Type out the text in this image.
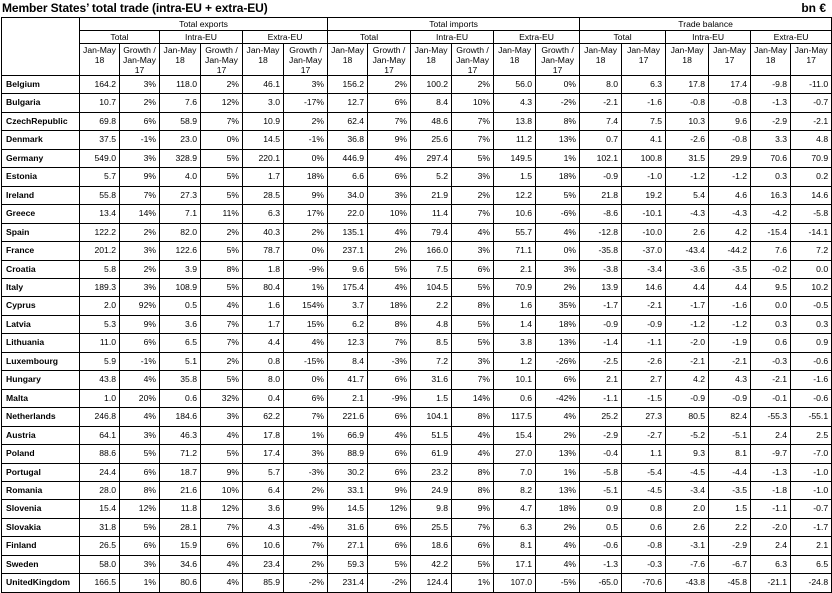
Member States’ total trade (intra-EU + extra-EU)	bn €
	Total exports						Total imports						Trade balance					
	Total		Intra-EU		Extra-EU		Total		Intra-EU		Extra-EU		Total		Intra-EU		Extra-EU	
	Jan-May 18	Growth / Jan-May 17	Jan-May 18	Growth / Jan-May 17	Jan-May 18	Growth / Jan-May 17	Jan-May 18	Growth / Jan-May 17	Jan-May 18	Growth / Jan-May 17	Jan-May 18	Growth / Jan-May 17	Jan-May 18	Jan-May 17	Jan-May 18	Jan-May 17	Jan-May 18	Jan-May 17
Belgium	164.2	3%	118.0	2%	46.1	3%	156.2	2%	100.2	2%	56.0	0%	8.0	6.3	17.8	17.4	-9.8	-11.0
Bulgaria	10.7	2%	7.6	12%	3.0	-17%	12.7	6%	8.4	10%	4.3	-2%	-2.1	-1.6	-0.8	-0.8	-1.3	-0.7
CzechRepublic	69.8	6%	58.9	7%	10.9	2%	62.4	7%	48.6	7%	13.8	8%	7.4	7.5	10.3	9.6	-2.9	-2.1
Denmark	37.5	-1%	23.0	0%	14.5	-1%	36.8	9%	25.6	7%	11.2	13%	0.7	4.1	-2.6	-0.8	3.3	4.8
Germany	549.0	3%	328.9	5%	220.1	0%	446.9	4%	297.4	5%	149.5	1%	102.1	100.8	31.5	29.9	70.6	70.9
Estonia	5.7	9%	4.0	5%	1.7	18%	6.6	6%	5.2	3%	1.5	18%	-0.9	-1.0	-1.2	-1.2	0.3	0.2
Ireland	55.8	7%	27.3	5%	28.5	9%	34.0	3%	21.9	2%	12.2	5%	21.8	19.2	5.4	4.6	16.3	14.6
Greece	13.4	14%	7.1	11%	6.3	17%	22.0	10%	11.4	7%	10.6	-6%	-8.6	-10.1	-4.3	-4.3	-4.2	-5.8
Spain	122.2	2%	82.0	2%	40.3	2%	135.1	4%	79.4	4%	55.7	4%	-12.8	-10.0	2.6	4.2	-15.4	-14.1
France	201.2	3%	122.6	5%	78.7	0%	237.1	2%	166.0	3%	71.1	0%	-35.8	-37.0	-43.4	-44.2	7.6	7.2
Croatia	5.8	2%	3.9	8%	1.8	-9%	9.6	5%	7.5	6%	2.1	3%	-3.8	-3.4	-3.6	-3.5	-0.2	0.0
Italy	189.3	3%	108.9	5%	80.4	1%	175.4	4%	104.5	5%	70.9	2%	13.9	14.6	4.4	4.4	9.5	10.2
Cyprus	2.0	92%	0.5	4%	1.6	154%	3.7	18%	2.2	8%	1.6	35%	-1.7	-2.1	-1.7	-1.6	0.0	-0.5
Latvia	5.3	9%	3.6	7%	1.7	15%	6.2	8%	4.8	5%	1.4	18%	-0.9	-0.9	-1.2	-1.2	0.3	0.3
Lithuania	11.0	6%	6.5	7%	4.4	4%	12.3	7%	8.5	5%	3.8	13%	-1.4	-1.1	-2.0	-1.9	0.6	0.9
Luxembourg	5.9	-1%	5.1	2%	0.8	-15%	8.4	-3%	7.2	3%	1.2	-26%	-2.5	-2.6	-2.1	-2.1	-0.3	-0.6
Hungary	43.8	4%	35.8	5%	8.0	0%	41.7	6%	31.6	7%	10.1	6%	2.1	2.7	4.2	4.3	-2.1	-1.6
Malta	1.0	20%	0.6	32%	0.4	6%	2.1	-9%	1.5	14%	0.6	-42%	-1.1	-1.5	-0.9	-0.9	-0.1	-0.6
Netherlands	246.8	4%	184.6	3%	62.2	7%	221.6	6%	104.1	8%	117.5	4%	25.2	27.3	80.5	82.4	-55.3	-55.1
Austria	64.1	3%	46.3	4%	17.8	1%	66.9	4%	51.5	4%	15.4	2%	-2.9	-2.7	-5.2	-5.1	2.4	2.5
Poland	88.6	5%	71.2	5%	17.4	3%	88.9	6%	61.9	4%	27.0	13%	-0.4	1.1	9.3	8.1	-9.7	-7.0
Portugal	24.4	6%	18.7	9%	5.7	-3%	30.2	6%	23.2	8%	7.0	1%	-5.8	-5.4	-4.5	-4.4	-1.3	-1.0
Romania	28.0	8%	21.6	10%	6.4	2%	33.1	9%	24.9	8%	8.2	13%	-5.1	-4.5	-3.4	-3.5	-1.8	-1.0
Slovenia	15.4	12%	11.8	12%	3.6	9%	14.5	12%	9.8	9%	4.7	18%	0.9	0.8	2.0	1.5	-1.1	-0.7
Slovakia	31.8	5%	28.1	7%	4.3	-4%	31.6	6%	25.5	7%	6.3	2%	0.5	0.6	2.6	2.2	-2.0	-1.7
Finland	26.5	6%	15.9	6%	10.6	7%	27.1	6%	18.6	6%	8.1	4%	-0.6	-0.8	-3.1	-2.9	2.4	2.1
Sweden	58.0	3%	34.6	4%	23.4	2%	59.3	5%	42.2	5%	17.1	4%	-1.3	-0.3	-7.6	-6.7	6.3	6.5
UnitedKingdom	166.5	1%	80.6	4%	85.9	-2%	231.4	-2%	124.4	1%	107.0	-5%	-65.0	-70.6	-43.8	-45.8	-21.1	-24.8
